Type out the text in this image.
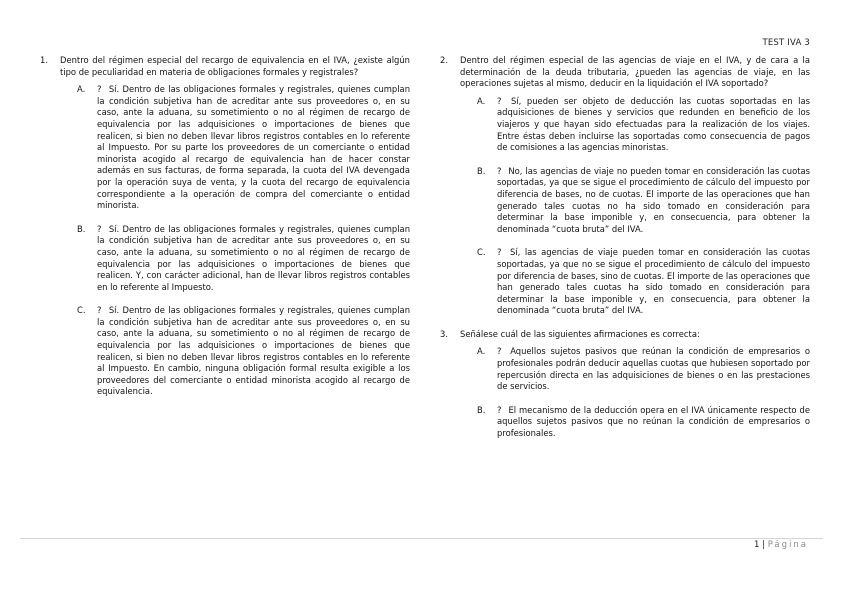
TEST IVA 3
1. Dentro del régimen especial del recargo de equivalencia en el IVA, ¿existe algún tipo de peculiaridad en materia de obligaciones formales y registrales?
A. ? Sí. Dentro de las obligaciones formales y registrales, quienes cumplan la condición subjetiva han de acreditar ante sus proveedores o, en su caso, ante la aduana, su sometimiento o no al régimen de recargo de equivalencia por las adquisiciones o importaciones de bienes que realicen, si bien no deben llevar libros registros contables en lo referente al Impuesto. Por su parte los proveedores de un comerciante o entidad minorista acogido al recargo de equivalencia han de hacer constar además en sus facturas, de forma separada, la cuota del IVA devengada por la operación suya de venta, y la cuota del recargo de equivalencia correspondiente a la operación de compra del comerciante o entidad minorista.
B. ? Sí. Dentro de las obligaciones formales y registrales, quienes cumplan la condición subjetiva han de acreditar ante sus proveedores o, en su caso, ante la aduana, su sometimiento o no al régimen de recargo de equivalencia por las adquisiciones o importaciones de bienes que realicen. Y, con carácter adicional, han de llevar libros registros contables en lo referente al Impuesto.
C. ? Sí. Dentro de las obligaciones formales y registrales, quienes cumplan la condición subjetiva han de acreditar ante sus proveedores o, en su caso, ante la aduana, su sometimiento o no al régimen de recargo de equivalencia por las adquisiciones o importaciones de bienes que realicen, si bien no deben llevar libros registros contables en lo referente al Impuesto. En cambio, ninguna obligación formal resulta exigible a los proveedores del comerciante o entidad minorista acogido al recargo de equivalencia.
2. Dentro del régimen especial de las agencias de viaje en el IVA, y de cara a la determinación de la deuda tributaria, ¿pueden las agencias de viaje, en las operaciones sujetas al mismo, deducir en la liquidación el IVA soportado?
A. ? Sí, pueden ser objeto de deducción las cuotas soportadas en las adquisiciones de bienes y servicios que redunden en beneficio de los viajeros y que hayan sido efectuadas para la realización de los viajes. Entre éstas deben incluirse las soportadas como consecuencia de pagos de comisiones a las agencias minoristas.
B. ? No, las agencias de viaje no pueden tomar en consideración las cuotas soportadas, ya que se sigue el procedimiento de cálculo del impuesto por diferencia de bases, no de cuotas. El importe de las operaciones que han generado tales cuotas no ha sido tomado en consideración para determinar la base imponible y, en consecuencia, para obtener la denominada “cuota bruta” del IVA.
C. ? Sí, las agencias de viaje pueden tomar en consideración las cuotas soportadas, ya que no se sigue el procedimiento de cálculo del impuesto por diferencia de bases, sino de cuotas. El importe de las operaciones que han generado tales cuotas ha sido tomado en consideración para determinar la base imponible y, en consecuencia, para obtener la denominada “cuota bruta” del IVA.
3. Señálese cuál de las siguientes afirmaciones es correcta:
A. ? Aquellos sujetos pasivos que reúnan la condición de empresarios o profesionales podrán deducir aquellas cuotas que hubiesen soportado por repercusión directa en las adquisiciones de bienes o en las prestaciones de servicios.
B. ? El mecanismo de la deducción opera en el IVA únicamente respecto de aquellos sujetos pasivos que no reúnan la condición de empresarios o profesionales.
1 | Página
